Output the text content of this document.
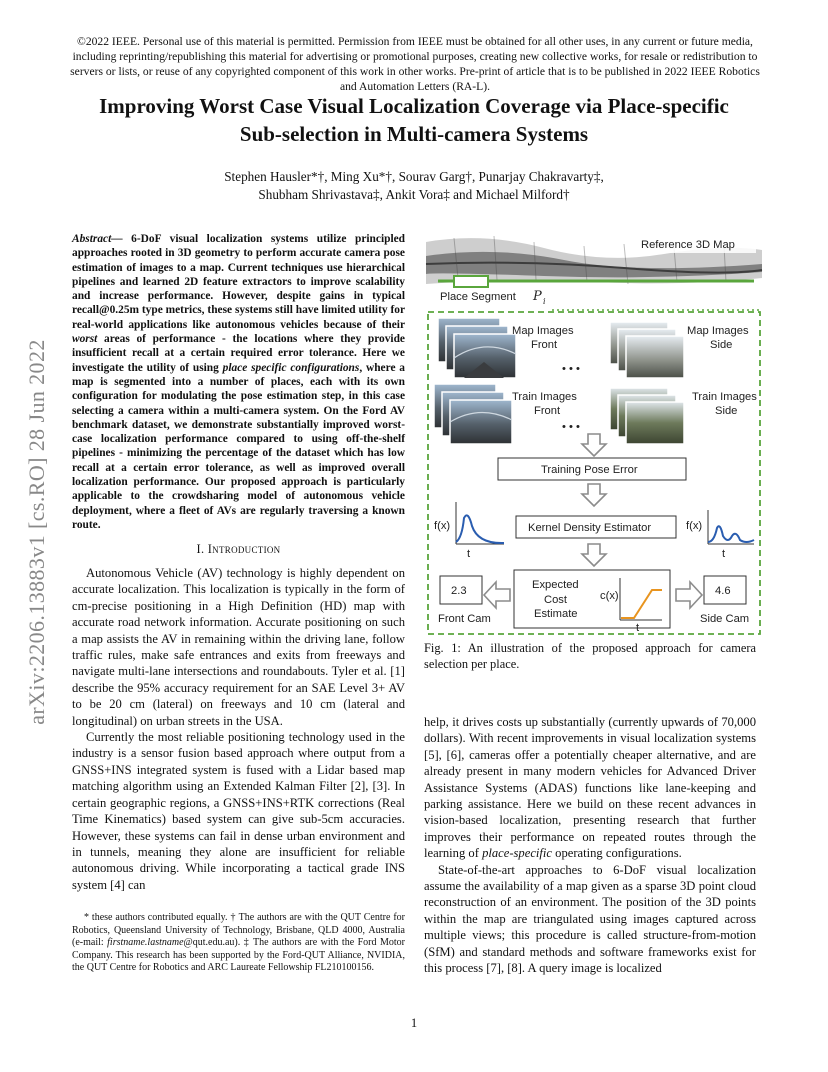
©2022 IEEE. Personal use of this material is permitted. Permission from IEEE must be obtained for all other uses, in any current or future media, including reprinting/republishing this material for advertising or promotional purposes, creating new collective works, for resale or redistribution to servers or lists, or reuse of any copyrighted component of this work in other works. Pre-print of article that is to be published in 2022 IEEE Robotics and Automation Letters (RA-L).
Improving Worst Case Visual Localization Coverage via Place-specific
Sub-selection in Multi-camera Systems
Stephen Hausler*†, Ming Xu*†, Sourav Garg†, Punarjay Chakravarty‡,
Shubham Shrivastava‡, Ankit Vora‡ and Michael Milford†
arXiv:2206.13883v1 [cs.RO] 28 Jun 2022
Abstract— 6-DoF visual localization systems utilize principled approaches rooted in 3D geometry to perform accurate camera pose estimation of images to a map. Current techniques use hierarchical pipelines and learned 2D feature extractors to improve scalability and increase performance. However, despite gains in typical recall@0.25m type metrics, these systems still have limited utility for real-world applications like autonomous vehicles because of their worst areas of performance - the locations where they provide insufficient recall at a certain required error tolerance. Here we investigate the utility of using place specific configurations, where a map is segmented into a number of places, each with its own configuration for modulating the pose estimation step, in this case selecting a camera within a multi-camera system. On the Ford AV benchmark dataset, we demonstrate substantially improved worst-case localization performance compared to using off-the-shelf pipelines - minimizing the percentage of the dataset which has low recall at a certain error tolerance, as well as improved overall localization performance. Our proposed approach is particularly applicable to the crowdsharing model of autonomous vehicle deployment, where a fleet of AVs are regularly traversing a known route.
I. Introduction

Autonomous Vehicle (AV) technology is highly dependent on accurate localization. This localization is typically in the form of cm-precise positioning in a High Definition (HD) map with accurate road network information. Accurate positioning on such a map assists the AV in remaining within the driving lane, follow traffic rules, make safe entrances and exits from freeways and navigate multi-lane intersections and roundabouts. Tyler et al. [1] describe the 95% accuracy requirement for an SAE Level 3+ AV to be 20 cm (lateral) on freeways and 10 cm (lateral and longitudinal) on urban streets in the USA.

Currently the most reliable positioning technology used in the industry is a sensor fusion based approach where output from a GNSS+INS integrated system is fused with a Lidar based map matching algorithm using an Extended Kalman Filter [2], [3]. In certain geographic regions, a GNSS+INS+RTK corrections (Real Time Kinematics) based system can give sub-5cm accuracies. However, these systems can fail in dense urban environment and in tunnels, meaning they alone are insufficient for reliable autonomous driving. While incorporating a tactical grade INS system [4] can

* these authors contributed equally. † The authors are with the QUT Centre for Robotics, Queensland University of Technology, Brisbane, QLD 4000, Australia (e-mail: firstname.lastname@qut.edu.au). ‡ The authors are with the Ford Motor Company. This research has been supported by the Ford-QUT Alliance, NVIDIA, the QUT Centre for Robotics and ARC Laureate Fellowship FL210100156.

Reference 3D Map
Place Segment P i
Map Images
Front
Map Images
Side
• • •
Train Images
Front
Train Images
Side
• • •
Training Pose Error
Kernel Density Estimator
f(x)
t
f(x)
t
Expected
Cost
Estimate
c(x)
t
2.3
Front Cam
4.6
Side Cam
Fig. 1: An illustration of the proposed approach for camera selection per place.

help, it drives costs up substantially (currently upwards of 70,000 dollars). With recent improvements in visual localization systems [5], [6], cameras offer a potentially cheaper alternative, and are already present in many modern vehicles for Advanced Driver Assistance Systems (ADAS) functions like lane-keeping and parking assistance. Here we build on these recent advances in vision-based localization, presenting research that further improves their performance on repeated routes through the learning of place-specific operating configurations.

State-of-the-art approaches to 6-DoF visual localization assume the availability of a map given as a sparse 3D point cloud reconstruction of an environment. The position of the 3D points within the map are triangulated using images captured across multiple views; this procedure is called structure-from-motion (SfM) and standard methods and software frameworks exist for this process [7], [8]. A query image is localized

1
